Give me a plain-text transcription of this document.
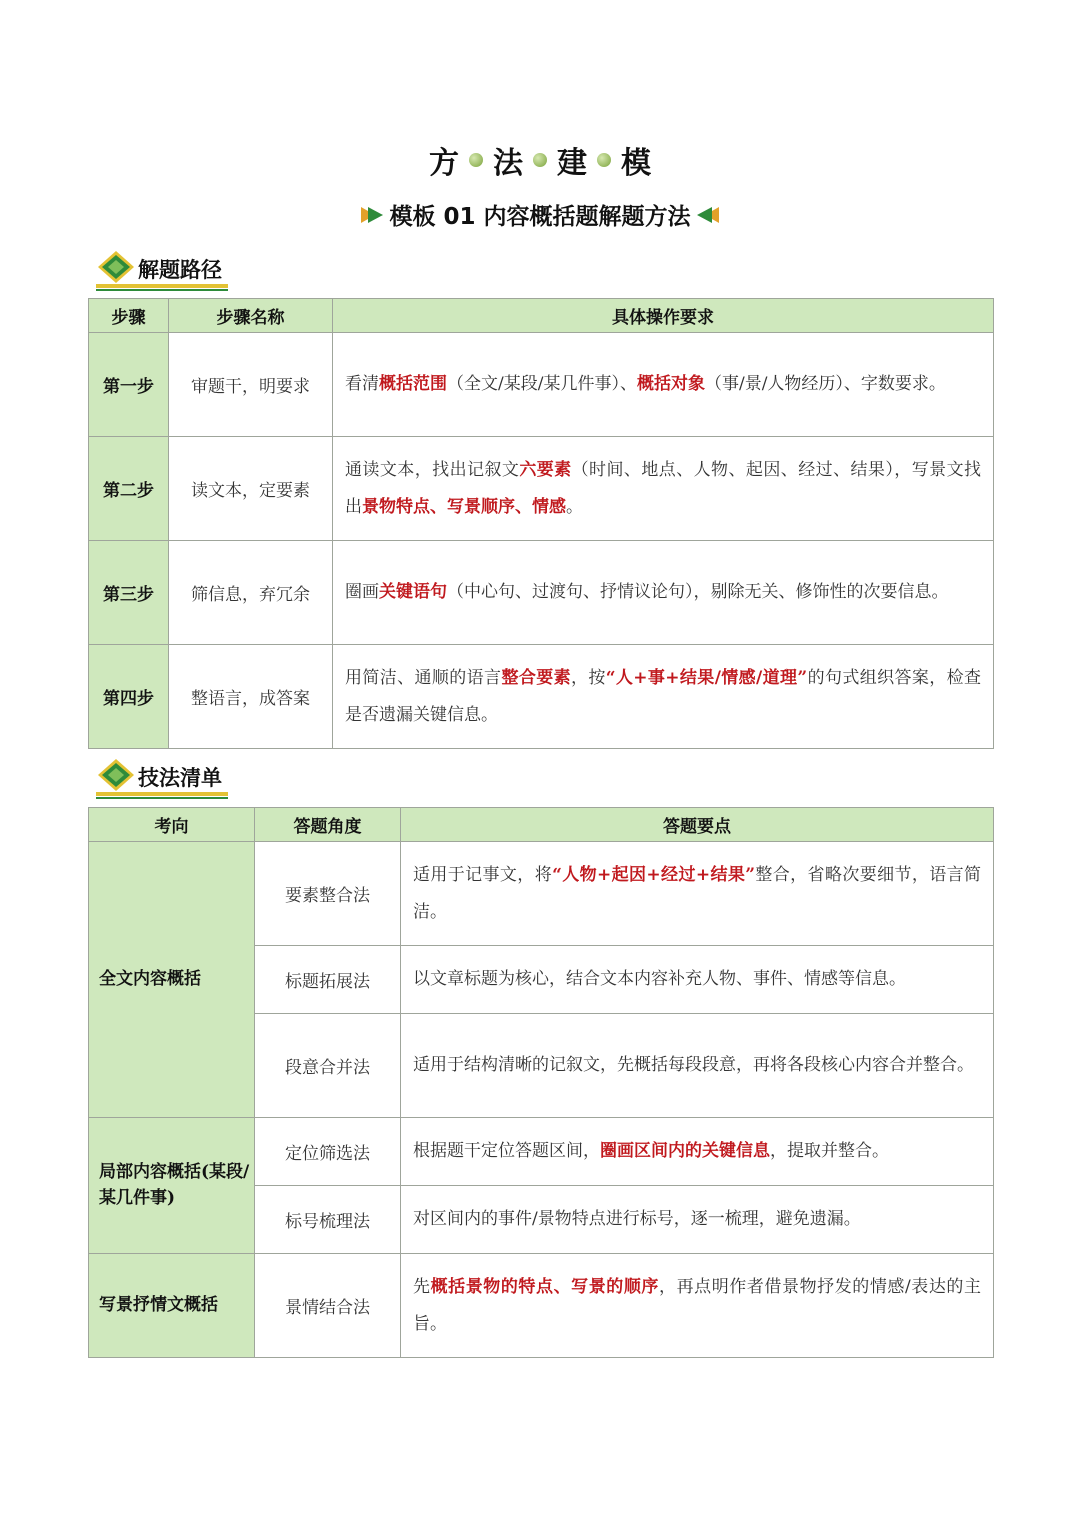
方 法 建 模
模板 01 内容概括题解题方法
解题路径
步骤	步骤名称	具体操作要求
第一步	审题干，明要求	看清概括范围（全文/某段/某几件事）、概括对象（事/景/人物经历）、字数要求。
第二步	读文本，定要素	通读文本，找出记叙文六要素（时间、地点、人物、起因、经过、结果），写景文找出景物特点、写景顺序、情感。
第三步	筛信息，弃冗余	圈画关键语句（中心句、过渡句、抒情议论句），剔除无关、修饰性的次要信息。
第四步	整语言，成答案	用简洁、通顺的语言整合要素，按“人+事+结果/情感/道理”的句式组织答案，检查是否遗漏关键信息。
技法清单
考向	答题角度	答题要点
全文内容概括	要素整合法	适用于记事文，将“人物+起因+经过+结果”整合，省略次要细节，语言简洁。
	标题拓展法	以文章标题为核心，结合文本内容补充人物、事件、情感等信息。
	段意合并法	适用于结构清晰的记叙文，先概括每段段意，再将各段核心内容合并整合。
局部内容概括(某段/某几件事)	定位筛选法	根据题干定位答题区间，圈画区间内的关键信息，提取并整合。
	标号梳理法	对区间内的事件/景物特点进行标号，逐一梳理，避免遗漏。
写景抒情文概括	景情结合法	先概括景物的特点、写景的顺序，再点明作者借景物抒发的情感/表达的主旨。
